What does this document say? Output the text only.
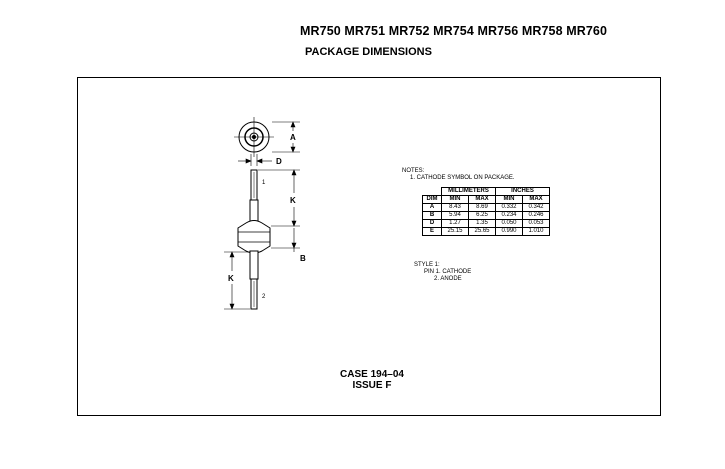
MR750 MR751 MR752 MR754 MR756 MR758 MR760
PACKAGE DIMENSIONS
A
D
1
2
K
B
K
NOTES:
1. CATHODE SYMBOL ON PACKAGE.
	MILLIMETERS		INCHES	
DIM	MIN	MAX	MIN	MAX
A	8.43	8.69	0.332	0.342
B	5.94	6.25	0.234	0.246
D	1.27	1.35	0.050	0.053
E	25.15	25.65	0.990	1.010
STYLE 1:
PIN 1. CATHODE
2. ANODE
CASE 194–04
ISSUE F
